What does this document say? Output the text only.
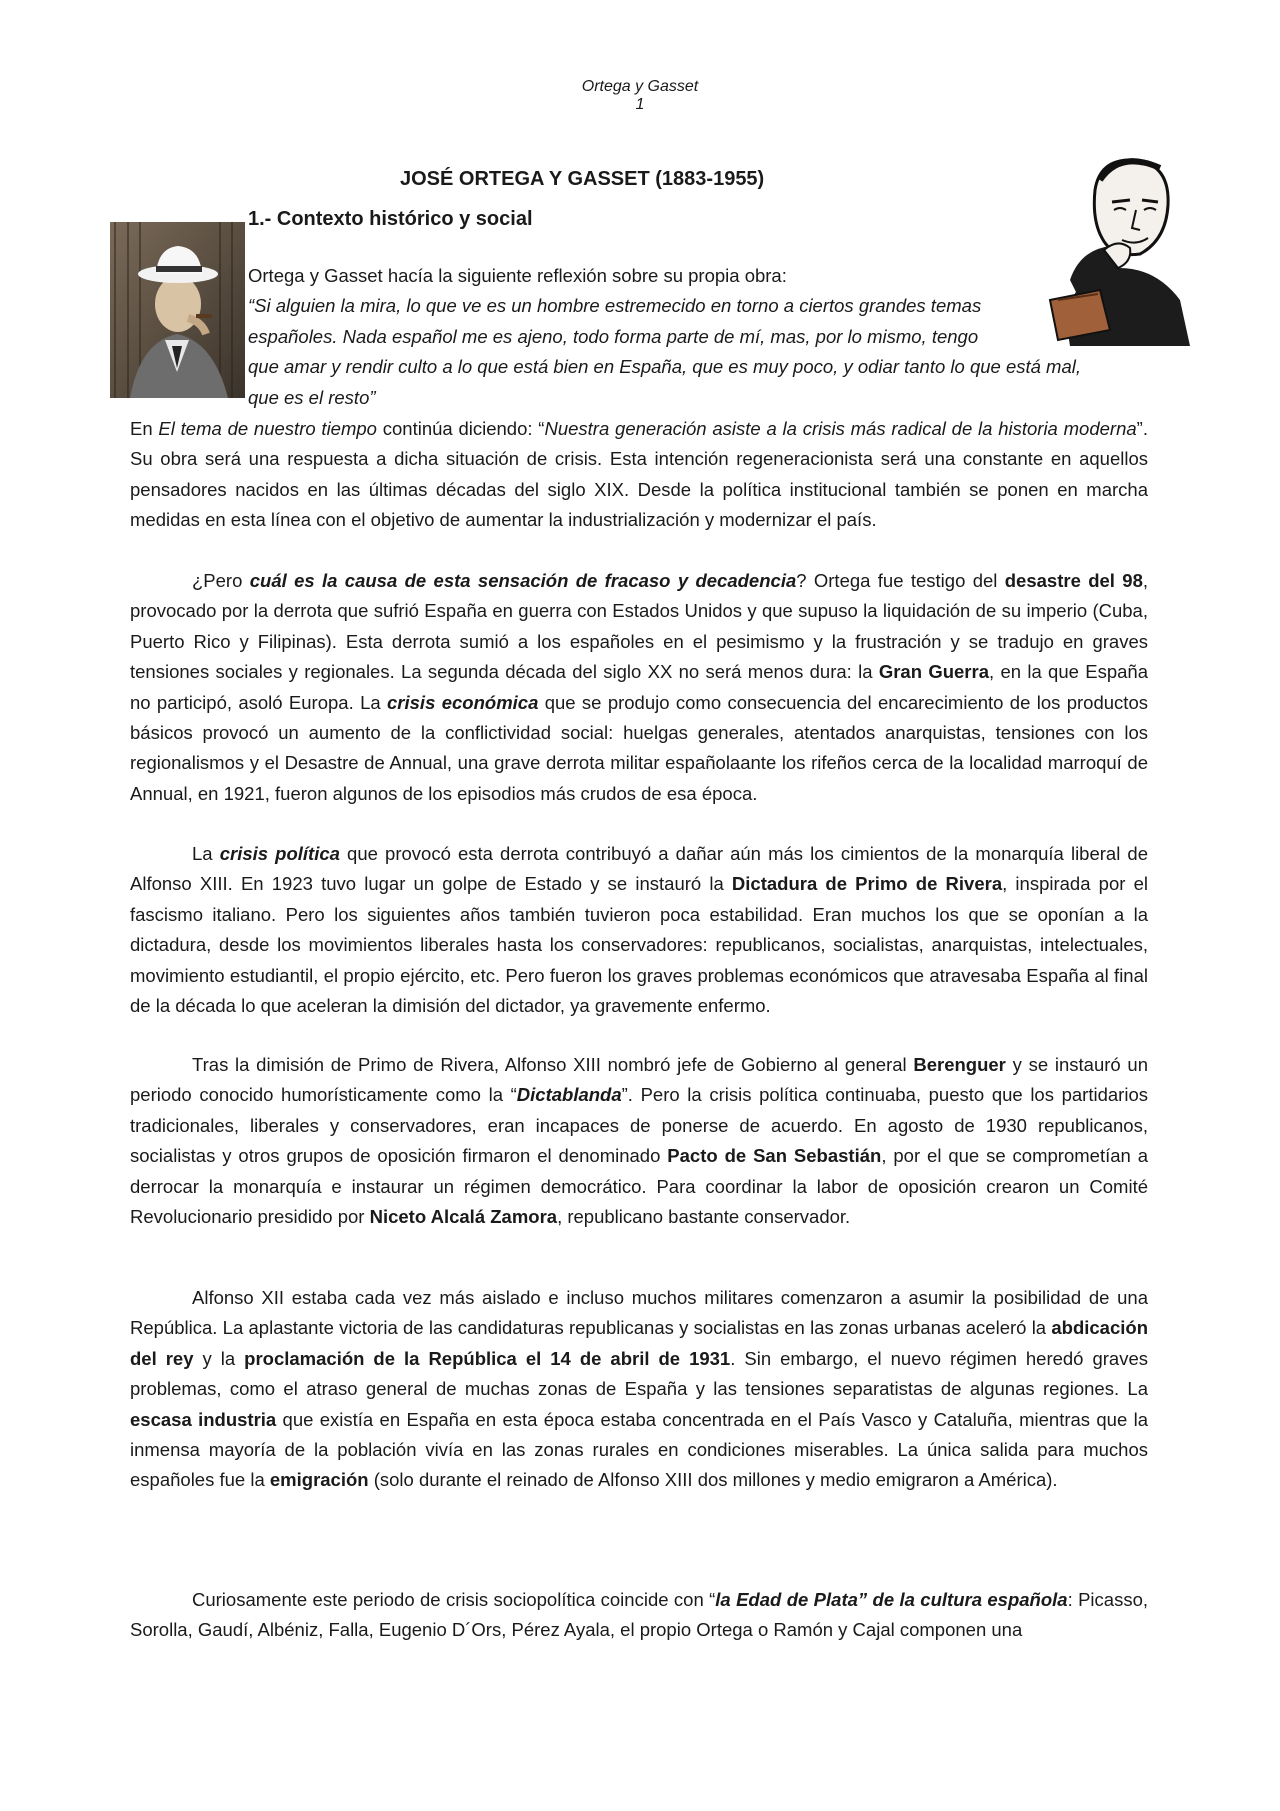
Ortega y Gasset
1
JOSÉ ORTEGA Y GASSET (1883-1955)
1.- Contexto histórico y social
Ortega y Gasset hacía la siguiente reflexión sobre su propia obra:
“Si alguien la mira, lo que ve es un hombre estremecido en torno a ciertos grandes temas
españoles. Nada español me es ajeno, todo forma parte de mí, mas, por lo mismo, tengo
que amar y rendir culto a lo que está bien en España, que es muy poco, y odiar tanto lo que está mal,
que es el resto”

En El tema de nuestro tiempo continúa diciendo: “Nuestra generación asiste a la crisis más radical de la historia moderna”. Su obra será una respuesta a dicha situación de crisis. Esta intención regeneracionista será una constante en aquellos pensadores nacidos en las últimas décadas del siglo XIX. Desde la política institucional también se ponen en marcha medidas en esta línea con el objetivo de aumentar la industrialización y modernizar el país.

¿Pero cuál es la causa de esta sensación de fracaso y decadencia? Ortega fue testigo del desastre del 98, provocado por la derrota que sufrió España en guerra con Estados Unidos y que supuso la liquidación de su imperio (Cuba, Puerto Rico y Filipinas). Esta derrota sumió a los españoles en el pesimismo y la frustración y se tradujo en graves tensiones sociales y regionales. La segunda década del siglo XX no será menos dura: la Gran Guerra, en la que España no participó, asoló Europa. La crisis económica que se produjo como consecuencia del encarecimiento de los productos básicos provocó un aumento de la conflictividad social: huelgas generales, atentados anarquistas, tensiones con los regionalismos y el Desastre de Annual, una grave derrota militar españolaante los rifeños cerca de la localidad marroquí de Annual, en 1921, fueron algunos de los episodios más crudos de esa época.

La crisis política que provocó esta derrota contribuyó a dañar aún más los cimientos de la monarquía liberal de Alfonso XIII. En 1923 tuvo lugar un golpe de Estado y se instauró la Dictadura de Primo de Rivera, inspirada por el fascismo italiano. Pero los siguientes años también tuvieron poca estabilidad. Eran muchos los que se oponían a la dictadura, desde los movimientos liberales hasta los conservadores: republicanos, socialistas, anarquistas, intelectuales, movimiento estudiantil, el propio ejército, etc. Pero fueron los graves problemas económicos que atravesaba España al final de la década lo que aceleran la dimisión del dictador, ya gravemente enfermo.

Tras la dimisión de Primo de Rivera, Alfonso XIII nombró jefe de Gobierno al general Berenguer y se instauró un periodo conocido humorísticamente como la “Dictablanda”. Pero la crisis política continuaba, puesto que los partidarios tradicionales, liberales y conservadores, eran incapaces de ponerse de acuerdo. En agosto de 1930 republicanos, socialistas y otros grupos de oposición firmaron el denominado Pacto de San Sebastián, por el que se comprometían a derrocar la monarquía e instaurar un régimen democrático. Para coordinar la labor de oposición crearon un Comité Revolucionario presidido por Niceto Alcalá Zamora, republicano bastante conservador.

Alfonso XII estaba cada vez más aislado e incluso muchos militares comenzaron a asumir la posibilidad de una República. La aplastante victoria de las candidaturas republicanas y socialistas en las zonas urbanas aceleró la abdicación del rey y la proclamación de la República el 14 de abril de 1931. Sin embargo, el nuevo régimen heredó graves problemas, como el atraso general de muchas zonas de España y las tensiones separatistas de algunas regiones. La escasa industria que existía en España en esta época estaba concentrada en el País Vasco y Cataluña, mientras que la inmensa mayoría de la población vivía en las zonas rurales en condiciones miserables. La única salida para muchos españoles fue la emigración (solo durante el reinado de Alfonso XIII dos millones y medio emigraron a América).

Curiosamente este periodo de crisis sociopolítica coincide con “la Edad de Plata” de la cultura española: Picasso, Sorolla, Gaudí, Albéniz, Falla, Eugenio D´Ors, Pérez Ayala, el propio Ortega o Ramón y Cajal componen una
